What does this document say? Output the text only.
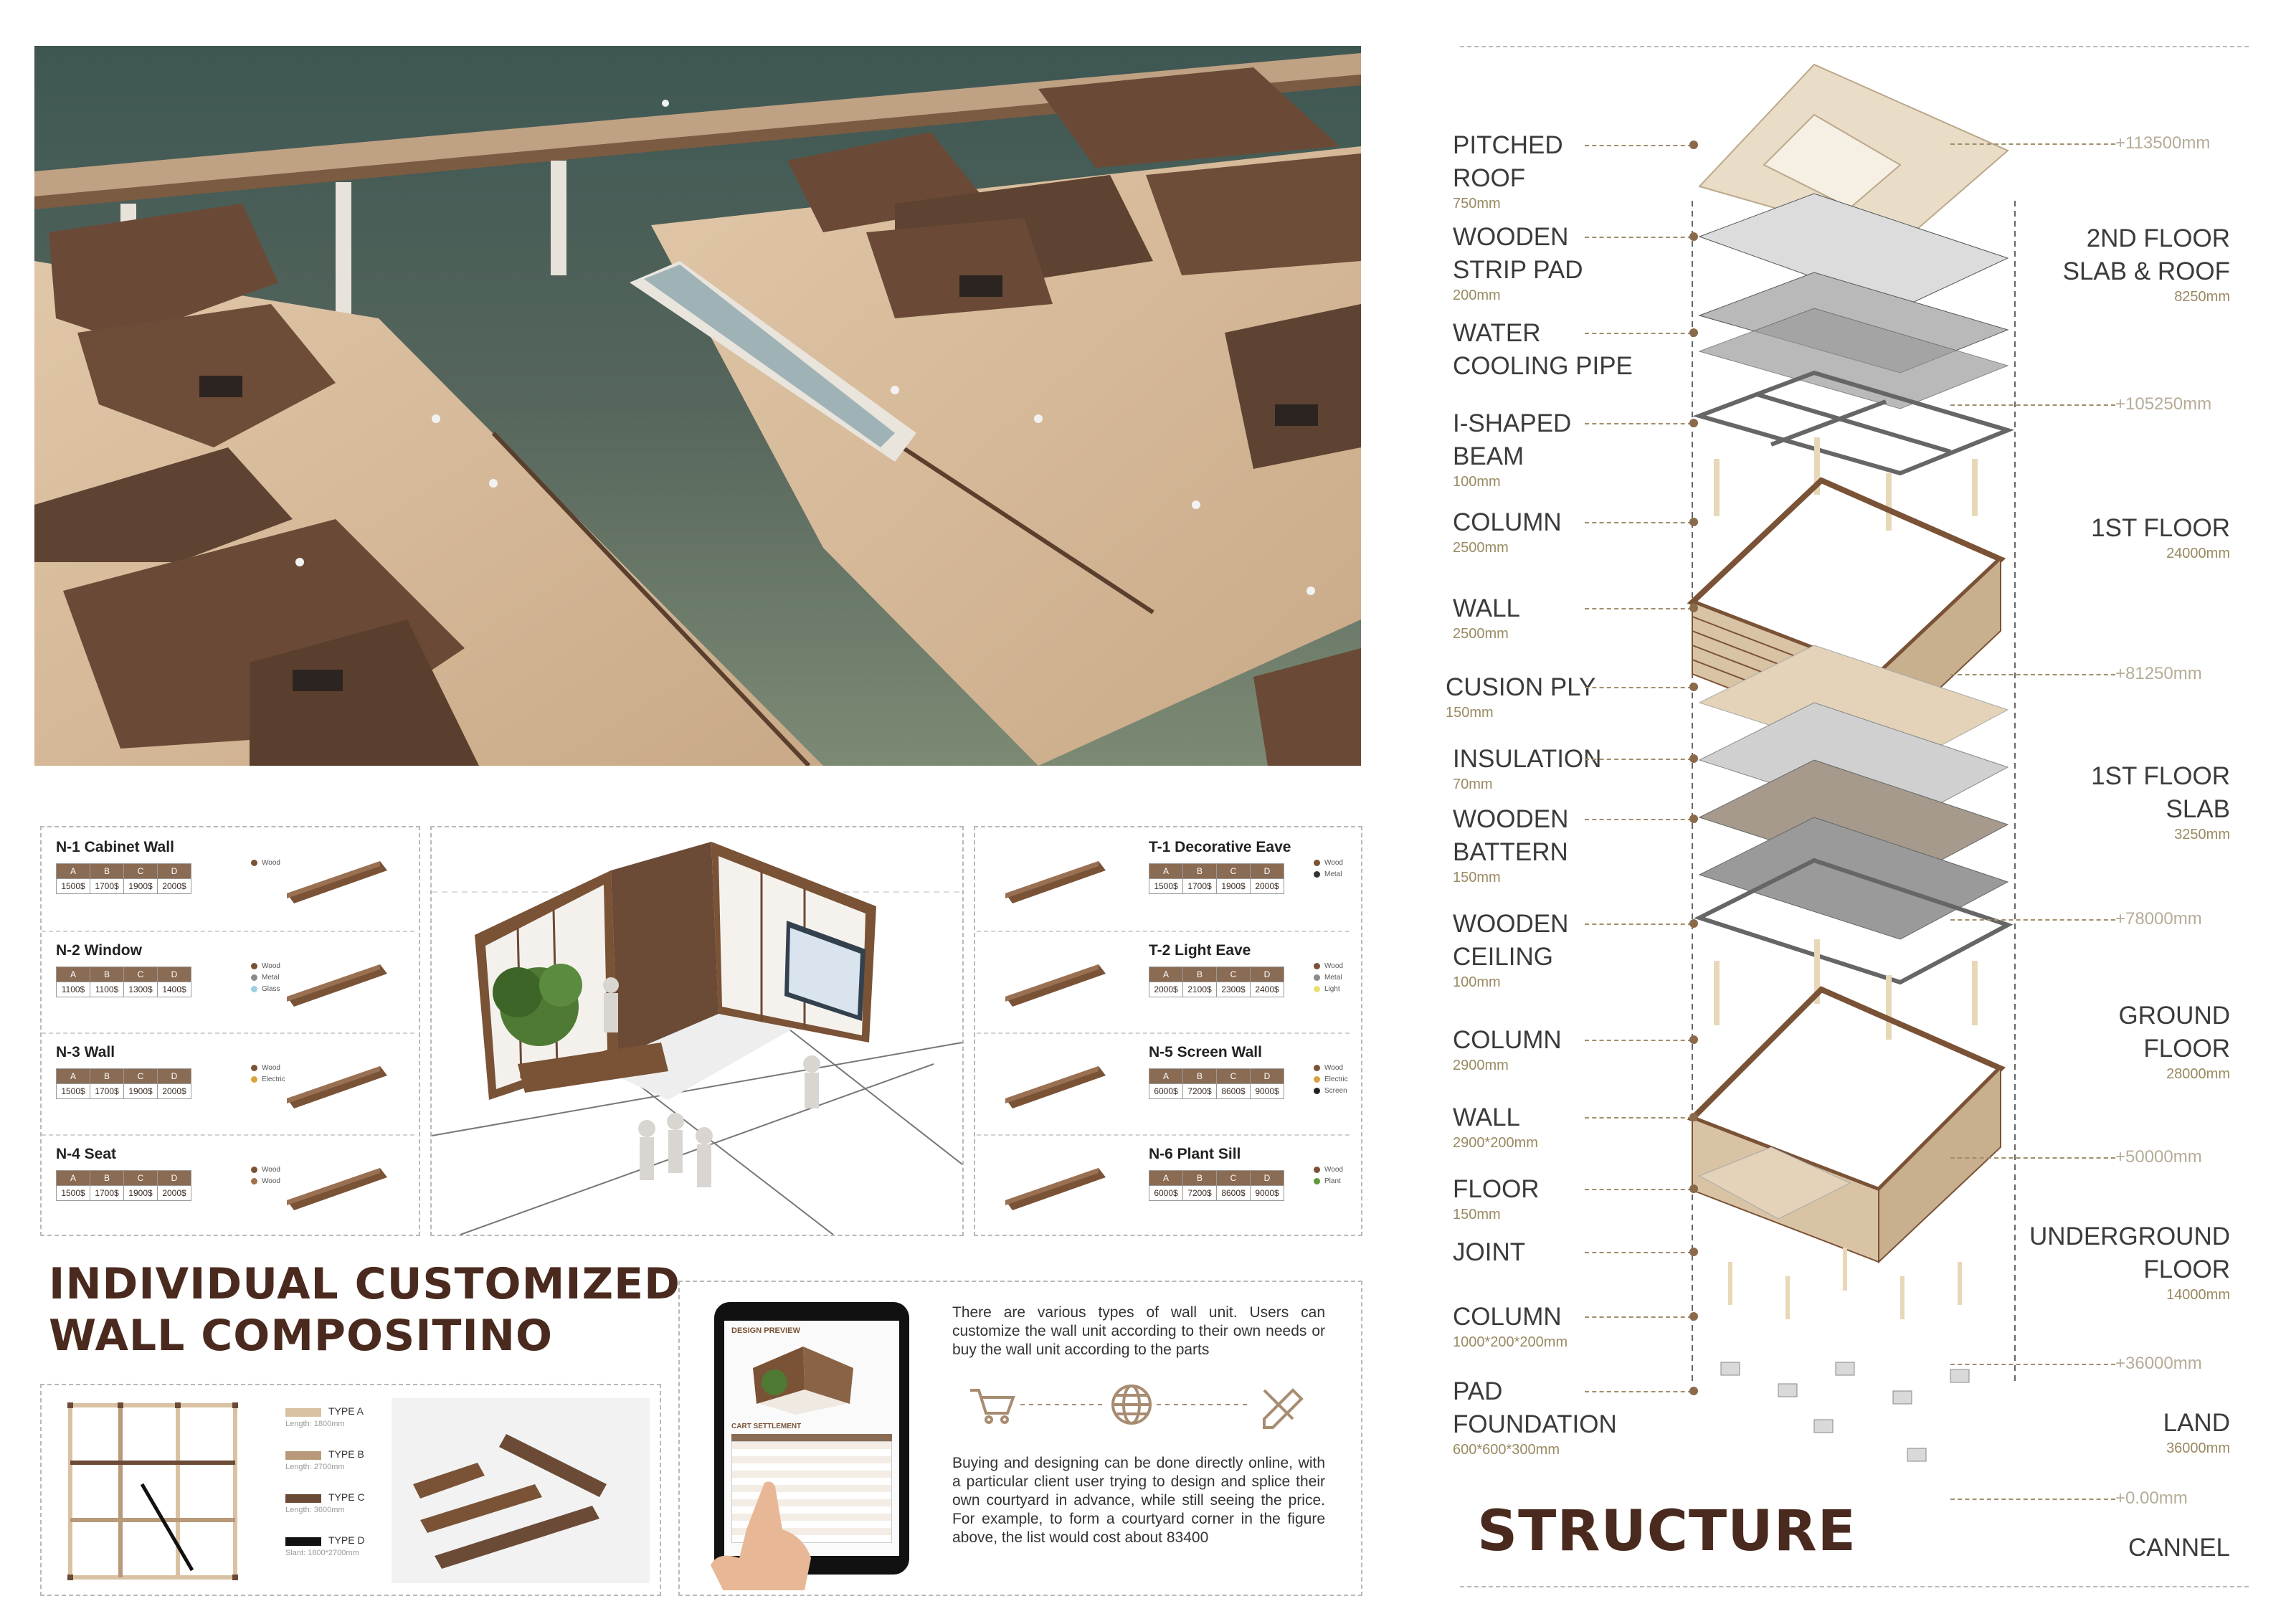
N-1 Cabinet Wall
A	B	C	D
1500$	1700$	1900$	2000$
Wood
N-2 Window
A	B	C	D
1100$	1100$	1300$	1400$
Wood
Metal
Glass
N-3 Wall
A	B	C	D
1500$	1700$	1900$	2000$
Wood
Electric
N-4 Seat
A	B	C	D
1500$	1700$	1900$	2000$
Wood
Wood
T-1 Decorative Eave
A	B	C	D
1500$	1700$	1900$	2000$
Wood
Metal
T-2 Light Eave
A	B	C	D
2000$	2100$	2300$	2400$
Wood
Metal
Light
N-5 Screen Wall
A	B	C	D
6000$	7200$	8600$	9000$
Wood
Electric
Screen
N-6 Plant Sill
A	B	C	D
6000$	7200$	8600$	9000$
Wood
Plant
INDIVIDUAL CUSTOMIZED
WALL COMPOSITINO
TYPE A
Length: 1800mm
TYPE B
Length: 2700mm
TYPE C
Length: 3600mm
TYPE D
Slant: 1800*2700mm
DESIGN PREVIEW
CART SETTLEMENT
There are various types of wall unit. Users can customize the wall unit according to their own needs or buy the wall unit according to the parts
Buying and designing can be done directly online, with a particular client user trying to design and splice their own courtyard in advance, while still seeing the price. For example, to form a courtyard corner in the figure above, the list would cost about 83400
PITCHED
ROOF
750mm
WOODEN
STRIP PAD
200mm
WATER
COOLING PIPE
I-SHAPED
BEAM
100mm
COLUMN
2500mm
WALL
2500mm
CUSION PLY
150mm
INSULATION
70mm
WOODEN
BATTERN
150mm
WOODEN
CEILING
100mm
COLUMN
2900mm
WALL
2900*200mm
FLOOR
150mm
JOINT
COLUMN
1000*200*200mm
PAD
FOUNDATION
600*600*300mm
2ND FLOOR
SLAB & ROOF
8250mm
1ST FLOOR
24000mm
1ST FLOOR
SLAB
3250mm
GROUND
FLOOR
28000mm
UNDERGROUND
FLOOR
14000mm
LAND
36000mm
CANNEL
+113500mm
+105250mm
+81250mm
+78000mm
+50000mm
+36000mm
+0.00mm
STRUCTURE
